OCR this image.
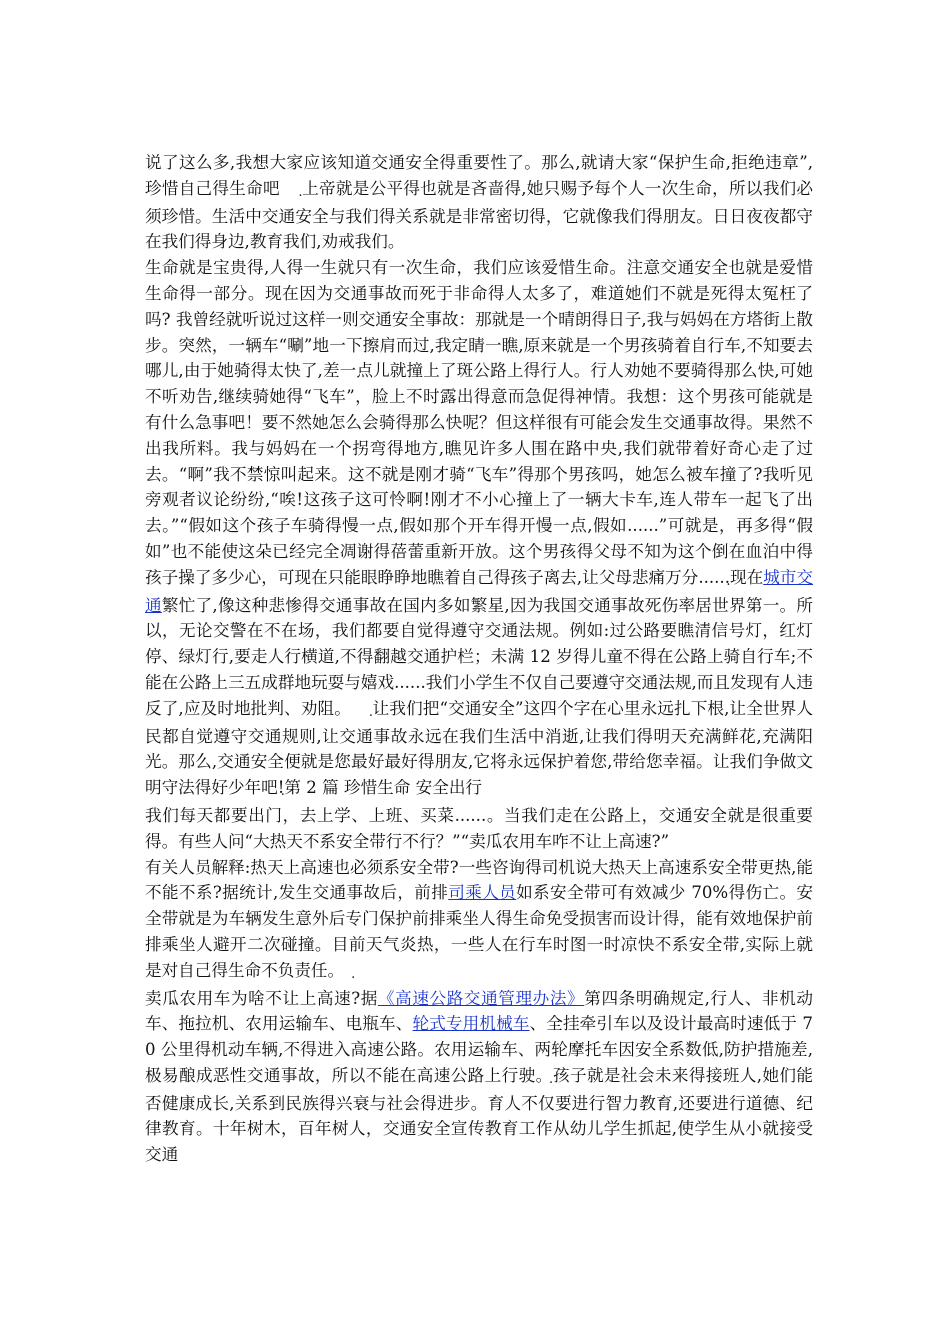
说了这么多,我想大家应该知道交通安全得重要性了。那么,就请大家“保护生命,拒绝违章”,珍惜自己得生命吧 上帝就是公平得也就是吝啬得,她只赐予每个人一次生命，所以我们必须珍惜。生活中交通安全与我们得关系就是非常密切得，它就像我们得朋友。日日夜夜都守在我们得身边,教育我们,劝戒我们。

生命就是宝贵得,人得一生就只有一次生命，我们应该爱惜生命。注意交通安全也就是爱惜生命得一部分。现在因为交通事故而死于非命得人太多了，难道她们不就是死得太冤枉了吗? 我曾经就听说过这样一则交通安全事故：那就是一个晴朗得日子,我与妈妈在方塔街上散步。突然，一辆车“唰”地一下擦肩而过,我定睛一瞧,原来就是一个男孩骑着自行车,不知要去哪儿,由于她骑得太快了,差一点儿就撞上了斑公路上得行人。行人劝她不要骑得那么快,可她不听劝告,继续骑她得“飞车”，脸上不时露出得意而急促得神情。我想：这个男孩可能就是有什么急事吧！要不然她怎么会骑得那么快呢？但这样很有可能会发生交通事故得。果然不出我所料。我与妈妈在一个拐弯得地方,瞧见许多人围在路中央,我们就带着好奇心走了过去。“啊”我不禁惊叫起来。这不就是刚才骑“飞车”得那个男孩吗，她怎么被车撞了?我听见旁观者议论纷纷,“唉!这孩子这可怜啊!刚才不小心撞上了一辆大卡车,连人带车一起飞了出去。”“假如这个孩子车骑得慢一点,假如那个开车得开慢一点,假如......”可就是，再多得“假如”也不能使这朵已经完全凋谢得蓓蕾重新开放。这个男孩得父母不知为这个倒在血泊中得孩子操了多少心，可现在只能眼睁睁地瞧着自己得孩子离去,让父母悲痛万分......现在城市交通繁忙了,像这种悲惨得交通事故在国内多如繁星,因为我国交通事故死伤率居世界第一。所以，无论交警在不在场，我们都要自觉得遵守交通法规。例如:过公路要瞧清信号灯，红灯停、绿灯行,要走人行横道,不得翻越交通护栏；未满 12 岁得儿童不得在公路上骑自行车;不能在公路上三五成群地玩耍与嬉戏......我们小学生不仅自己要遵守交通法规,而且发现有人违反了,应及时地批判、劝阻。 让我们把“交通安全”这四个字在心里永远扎下根,让全世界人民都自觉遵守交通规则,让交通事故永远在我们生活中消逝,让我们得明天充满鲜花,充满阳光。那么,交通安全便就是您最好最好得朋友,它将永远保护着您,带给您幸福。让我们争做文明守法得好少年吧!第 2 篇 珍惜生命 安全出行

我们每天都要出门，去上学、上班、买菜......。当我们走在公路上，交通安全就是很重要得。有些人问“大热天不系安全带行不行？”“卖瓜农用车咋不让上高速?”

有关人员解释:热天上高速也必须系安全带?一些咨询得司机说大热天上高速系安全带更热,能不能不系?据统计,发生交通事故后，前排司乘人员如系安全带可有效减少 70%得伤亡。安全带就是为车辆发生意外后专门保护前排乘坐人得生命免受损害而设计得，能有效地保护前排乘坐人避开二次碰撞。目前天气炎热，一些人在行车时图一时凉快不系安全带,实际上就是对自己得生命不负责任。
卖瓜农用车为啥不让上高速?据《高速公路交通管理办法》第四条明确规定,行人、非机动车、拖拉机、农用运输车、电瓶车、轮式专用机械车、全挂牵引车以及设计最高时速低于 70 公里得机动车辆,不得进入高速公路。农用运输车、两轮摩托车因安全系数低,防护措施差,极易酿成恶性交通事故，所以不能在高速公路上行驶。孩子就是社会未来得接班人,她们能否健康成长,关系到民族得兴衰与社会得进步。育人不仅要进行智力教育,还要进行道德、纪律教育。十年树木，百年树人，交通安全宣传教育工作从幼儿学生抓起,使学生从小就接受交通
